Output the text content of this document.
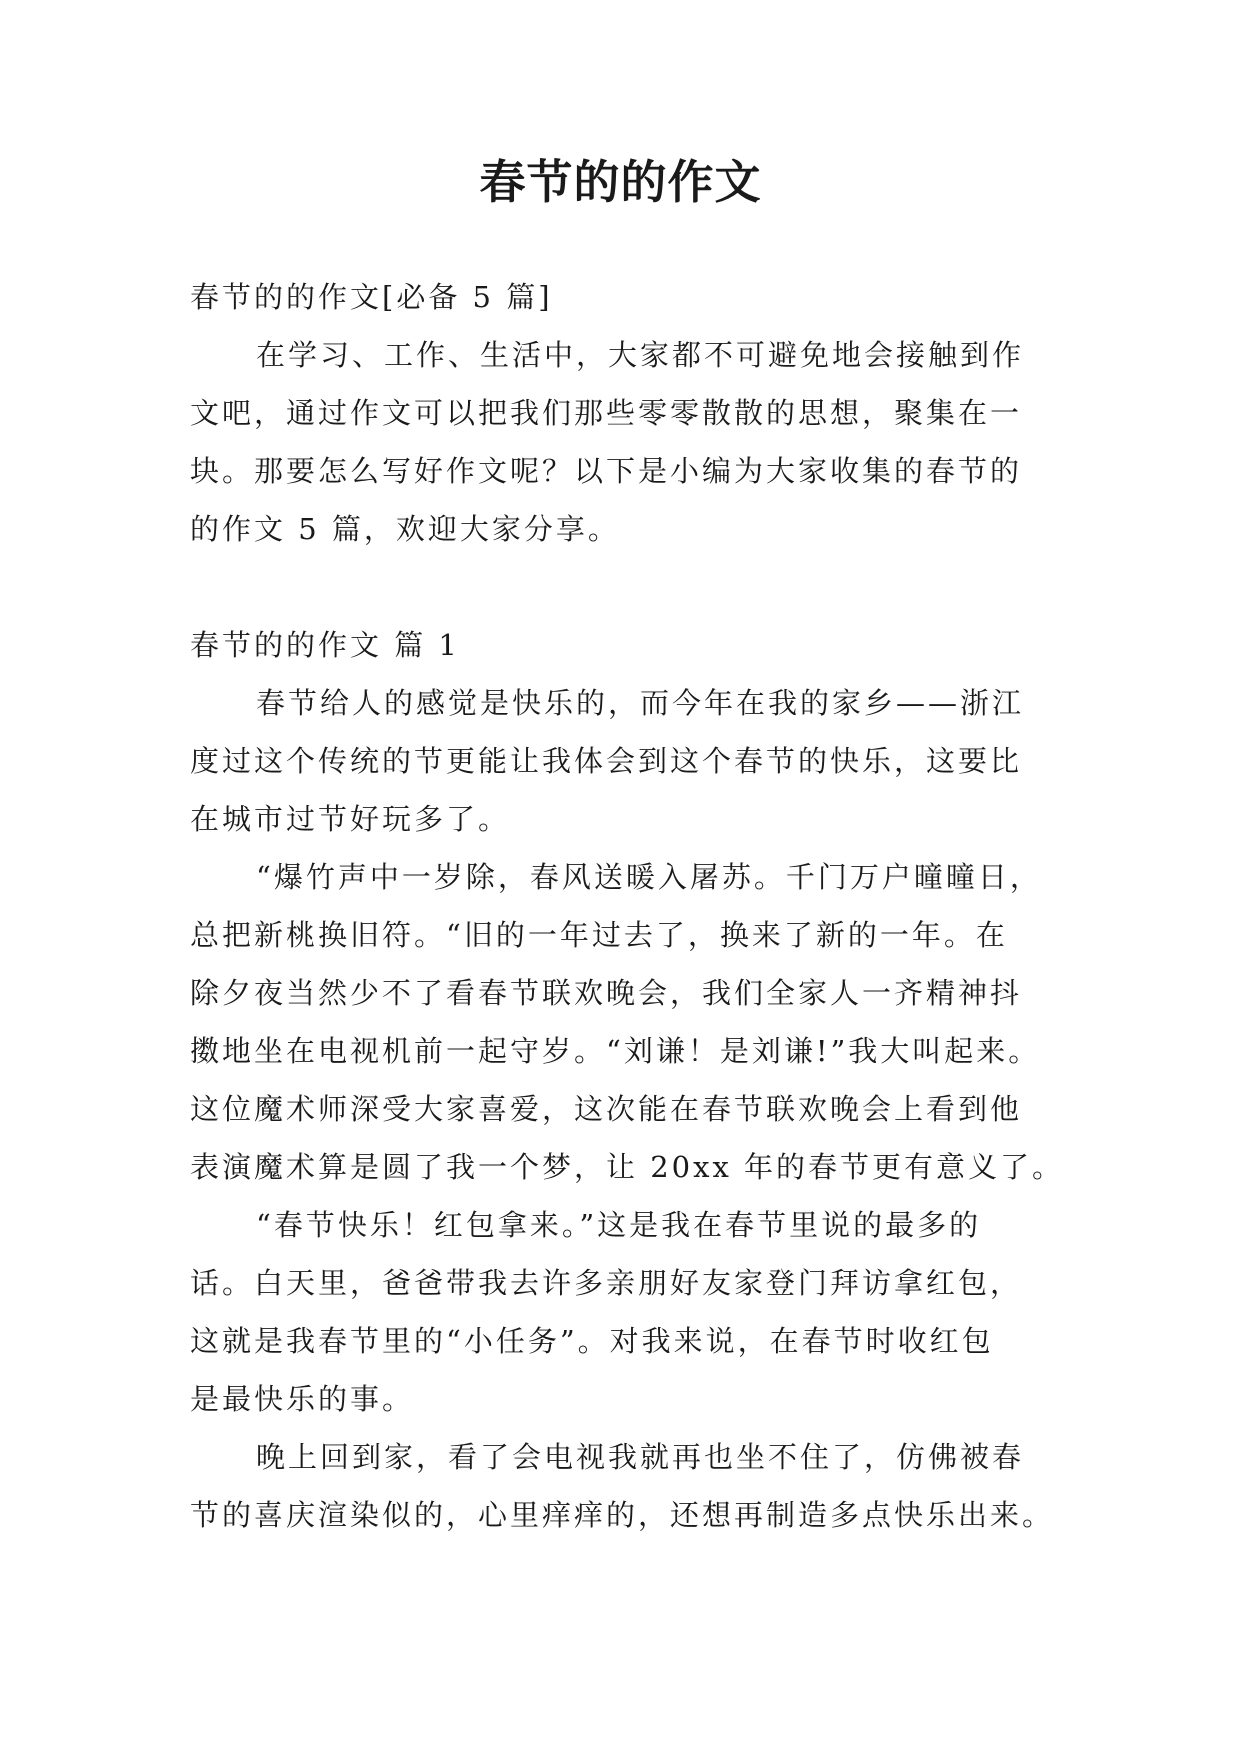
春节的的作文
春节的的作文[必备 5 篇]
在学习、工作、生活中，大家都不可避免地会接触到作
文吧，通过作文可以把我们那些零零散散的思想，聚集在一
块。那要怎么写好作文呢？以下是小编为大家收集的春节的
的作文 5 篇，欢迎大家分享。
春节的的作文 篇 1
春节给人的感觉是快乐的，而今年在我的家乡——浙江
度过这个传统的节更能让我体会到这个春节的快乐，这要比
在城市过节好玩多了。
“爆竹声中一岁除，春风送暖入屠苏。千门万户曈曈日，
总把新桃换旧符。“旧的一年过去了，换来了新的一年。在
除夕夜当然少不了看春节联欢晚会，我们全家人一齐精神抖
擞地坐在电视机前一起守岁。“刘谦！是刘谦!”我大叫起来。
这位魔术师深受大家喜爱，这次能在春节联欢晚会上看到他
表演魔术算是圆了我一个梦，让 20xx 年的春节更有意义了。
“春节快乐！红包拿来。”这是我在春节里说的最多的
话。白天里，爸爸带我去许多亲朋好友家登门拜访拿红包，
这就是我春节里的“小任务”。对我来说，在春节时收红包
是最快乐的事。
晚上回到家，看了会电视我就再也坐不住了，仿佛被春
节的喜庆渲染似的，心里痒痒的，还想再制造多点快乐出来。
